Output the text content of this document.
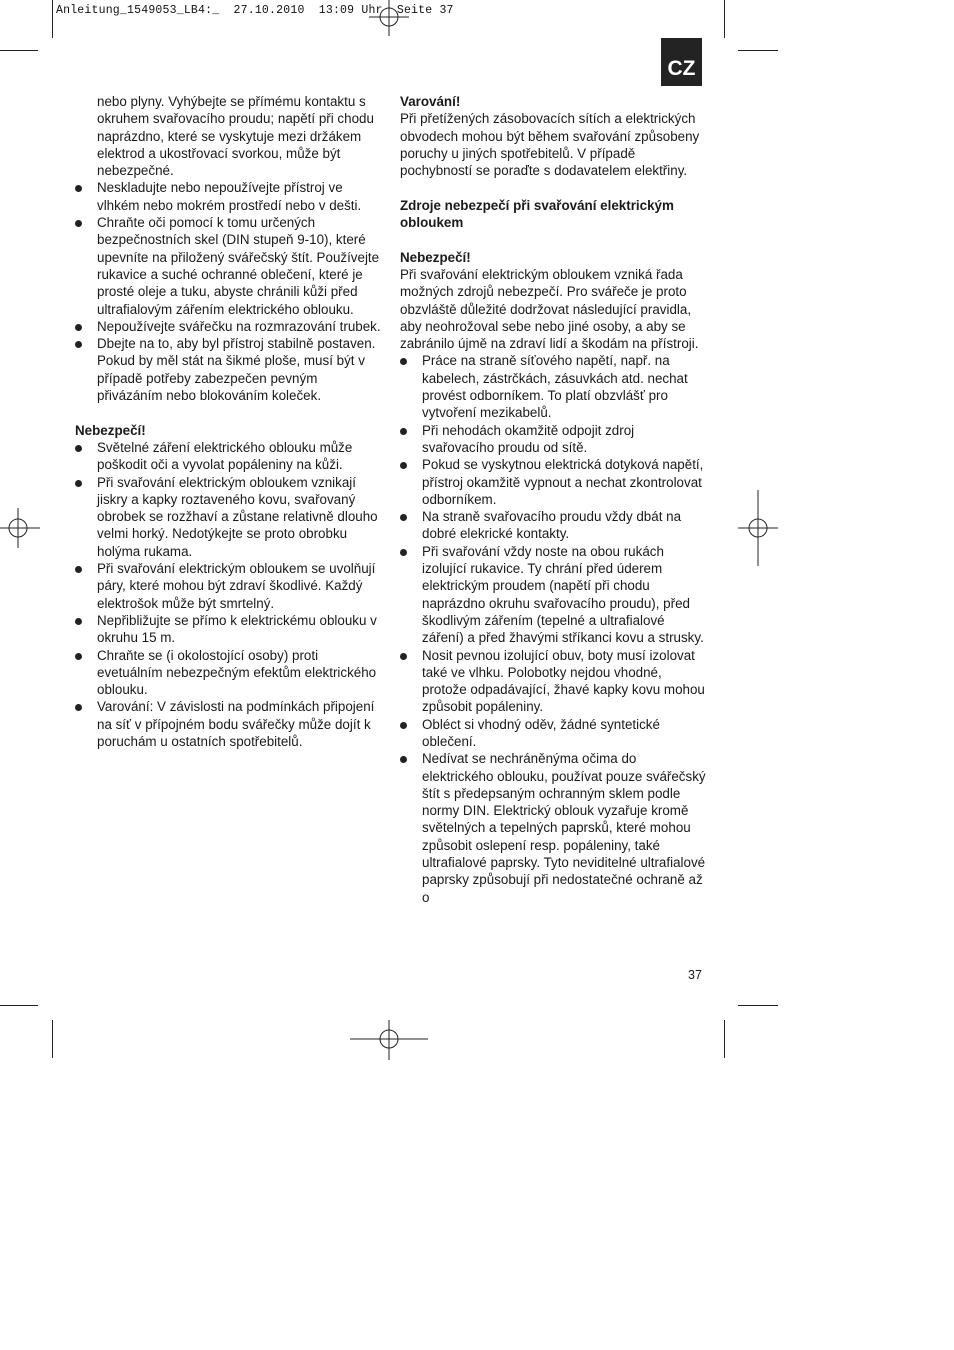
Anleitung_1549053_LB4:_  27.10.2010  13:09 Uhr  Seite 37
CZ

nebo plyny. Vyhýbejte se přímému kontaktu s okruhem svařovacího proudu; napětí při chodu naprázdno, které se vyskytuje mezi držákem elektrod a ukostřovací svorkou, může být nebezpečné.

Neskladujte nebo nepoužívejte přístroj ve vlhkém nebo mokrém prostředí nebo v dešti.
Chraňte oči pomocí k tomu určených bezpečnostních skel (DIN stupeň 9-10), které upevníte na přiložený svářečský štít. Používejte rukavice a suché ochranné oblečení, které je prosté oleje a tuku, abyste chránili kůži před ultrafialovým zářením elektrického oblouku.
Nepoužívejte svářečku na rozmrazování trubek.
Dbejte na to, aby byl přístroj stabilně postaven. Pokud by měl stát na šikmé ploše, musí být v případě potřeby zabezpečen pevným přivázáním nebo blokováním koleček.

Nebezpečí!

Světelné záření elektrického oblouku může poškodit oči a vyvolat popáleniny na kůži.
Při svařování elektrickým obloukem vznikají jiskry a kapky roztaveného kovu, svařovaný obrobek se rozžhaví a zůstane relativně dlouho velmi horký. Nedotýkejte se proto obrobku holýma rukama.
Při svařování elektrickým obloukem se uvolňují páry, které mohou být zdraví škodlivé. Každý elektrošok může být smrtelný.
Nepřibližujte se přímo k elektrickému oblouku v okruhu 15 m.
Chraňte se (i okolostojící osoby) proti evetuálním nebezpečným efektům elektrického oblouku.
Varování: V závislosti na podmínkách připojení na síť v přípojném bodu svářečky může dojít k poruchám u ostatních spotřebitelů.

Varování!

Při přetížených zásobovacích sítích a elektrických obvodech mohou být během svařování způsobeny poruchy u jiných spotřebitelů. V případě pochybností se poraďte s dodavatelem elektřiny.

Zdroje nebezpečí při svařování elektrickým obloukem

Nebezpečí!

Při svařování elektrickým obloukem vzniká řada možných zdrojů nebezpečí. Pro svářeče je proto obzvláště důležité dodržovat následující pravidla, aby neohrožoval sebe nebo jiné osoby, a aby se zabránilo újmě na zdraví lidí a škodám na přístroji.

Práce na straně síťového napětí, např. na kabelech, zástrčkách, zásuvkách atd. nechat provést odborníkem. To platí obzvlášť pro vytvoření mezikabelů.
Při nehodách okamžitě odpojit zdroj svařovacího proudu od sítě.
Pokud se vyskytnou elektrická dotyková napětí, přístroj okamžitě vypnout a nechat zkontrolovat odborníkem.
Na straně svařovacího proudu vždy dbát na dobré elekrické kontakty.
Při svařování vždy noste na obou rukách izolující rukavice. Ty chrání před úderem elektrickým proudem (napětí při chodu naprázdno okruhu svařovacího proudu), před škodlivým zářením (tepelné a ultrafialové záření) a před žhavými stříkanci kovu a strusky.
Nosit pevnou izolující obuv, boty musí izolovat také ve vlhku. Polobotky nejdou vhodné, protože odpadávající, žhavé kapky kovu mohou způsobit popáleniny.
Obléct si vhodný oděv, žádné syntetické oblečení.
Nedívat se nechráněnýma očima do elektrického oblouku, používat pouze svářečský štít s předepsaným ochranným sklem podle normy DIN. Elektrický oblouk vyzařuje kromě světelných a tepelných paprsků, které mohou způsobit oslepení resp. popáleniny, také ultrafialové paprsky. Tyto neviditelné ultrafialové paprsky způsobují při nedostatečné ochraně až o
37
